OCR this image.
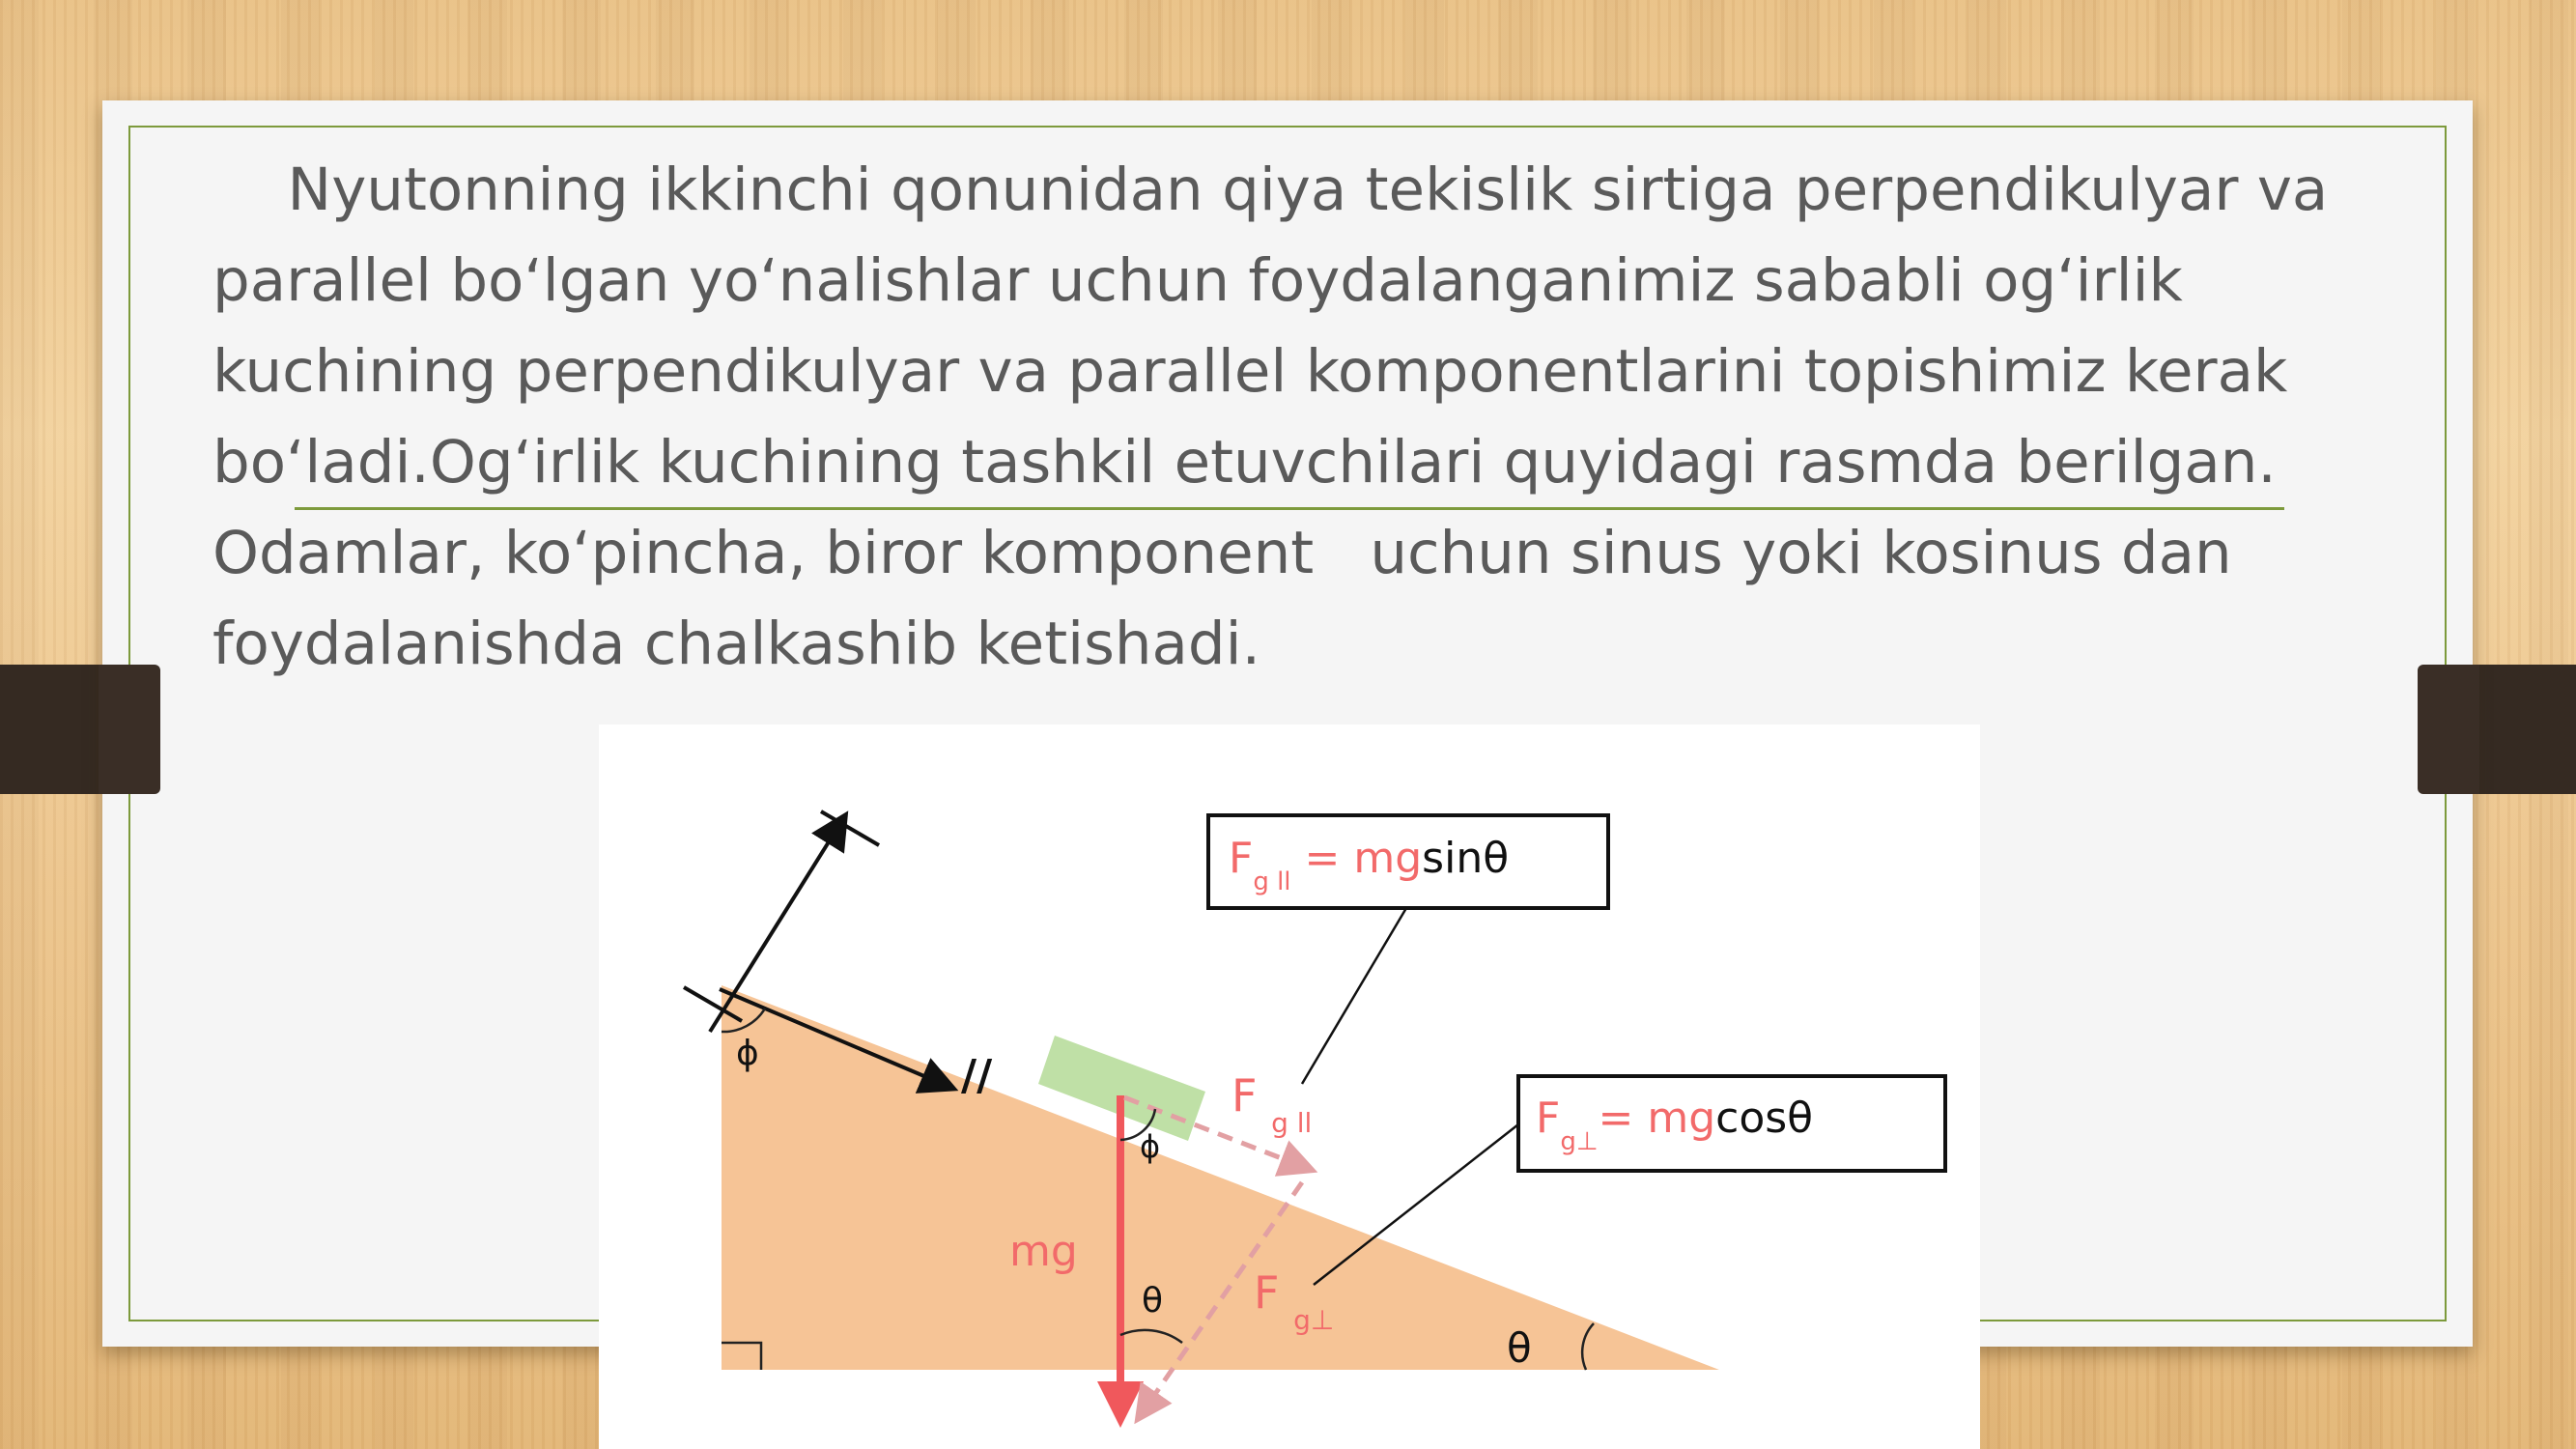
Nyutonning ikkinchi qonunidan qiya tekislik sirtiga perpendikulyar va
parallel bo‘lgan yo‘nalishlar uchun foydalanganimiz sababli og‘irlik
kuchining perpendikulyar va parallel komponentlarini topishimiz kerak
bo‘ladi.Og‘irlik kuchining tashkil etuvchilari quyidagi rasmda berilgan.
Odamlar, ko‘pincha, biror komponent   uchun sinus yoki kosinus dan
foydalanishda chalkashib ketishadi.

//
ϕ
ϕ
θ
θ
mg
F $_{g ll}$
F $_{g\perp}$
$F_{g ll} = mgsin\theta$
$F_{g\perp}= mgcos\theta$
